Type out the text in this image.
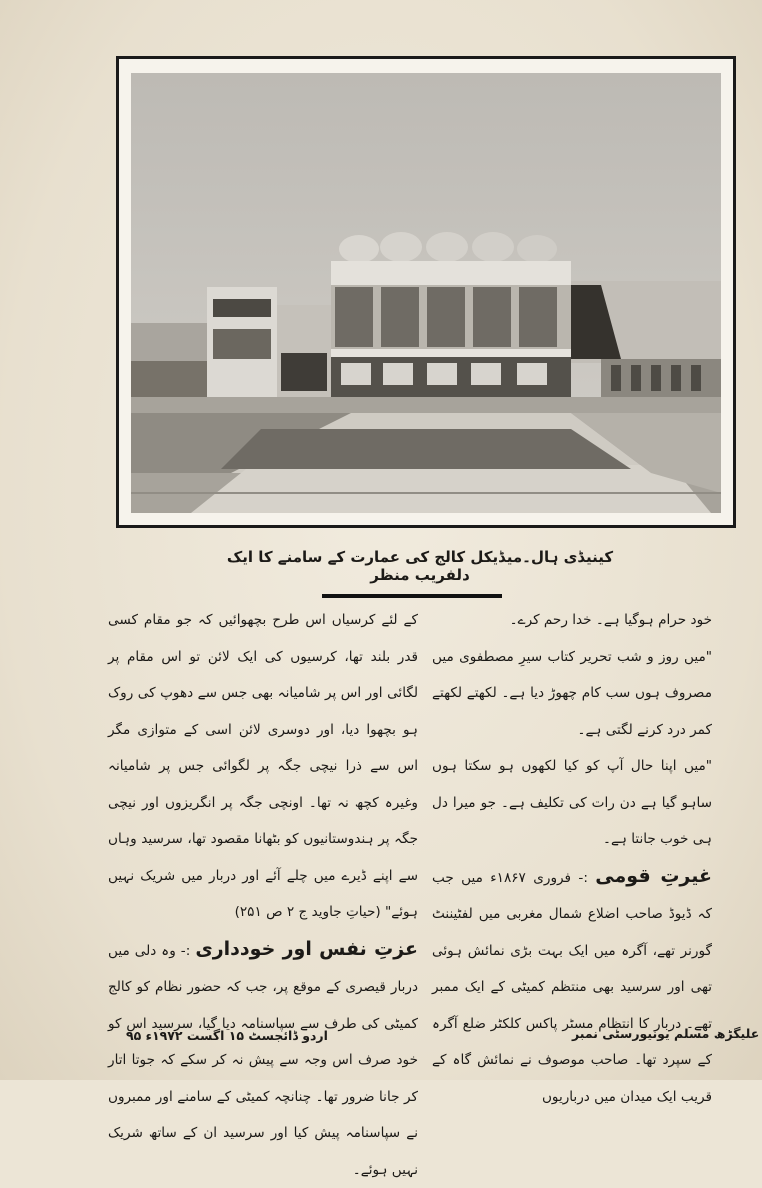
کینیڈی ہال۔میڈیکل کالج کی عمارت کے سامنے کا ایک دلفریب منظر

خود حرام ہوگیا ہے۔ خدا رحم کرے۔

"میں روز و شب تحریر کتاب سیرِ مصطفوی میں مصروف ہوں سب کام چھوڑ دیا ہے۔ لکھتے لکھتے کمر درد کرنے لگتی ہے۔

"میں اپنا حال آپ کو کیا لکھوں ہو سکتا ہوں ساہو گیا ہے دن رات کی تکلیف ہے۔ جو میرا دل ہی خوب جانتا ہے۔

غیرتِ قومی :- فروری ۱۸۶۷ء میں جب کہ ڈیوڈ صاحب اضلاع شمال مغربی میں لفٹیننٹ گورنر تھے، آگرہ میں ایک بہت بڑی نمائش ہوئی تھی اور سرسید بھی منتظم کمیٹی کے ایک ممبر تھے۔ دربار کا انتظام مسٹر پاکس کلکٹر ضلع آگرہ کے سپرد تھا۔ صاحب موصوف نے نمائش گاہ کے قریب ایک میدان میں درباریوں

کے لئے کرسیاں اس طرح بچھوائیں کہ جو مقام کسی قدر بلند تھا، کرسیوں کی ایک لائن تو اس مقام پر لگائی اور اس پر شامیانہ بھی جس سے دھوپ کی روک ہو بچھوا دیا، اور دوسری لائن اسی کے متوازی مگر اس سے ذرا نیچی جگہ پر لگوائی جس پر شامیانہ وغیرہ کچھ نہ تھا۔ اونچی جگہ پر انگریزوں اور نیچی جگہ پر ہندوستانیوں کو بٹھانا مقصود تھا، سرسید وہاں سے اپنے ڈیرے میں چلے آئے اور دربار میں شریک نہیں ہوئے" (حیاتِ جاوید ج ۲ ص ۲۵۱)

عزتِ نفس اور خودداری :- وہ دلی میں دربار قیصری کے موقع پر، جب کہ حضور نظام کو کالج کمیٹی کی طرف سے سپاسنامہ دیا گیا، سرسید اس کو خود صرف اس وجہ سے پیش نہ کر سکے کہ جوتا اتار کر جانا ضرور تھا۔ چنانچہ کمیٹی کے سامنے اور ممبروں نے سپاسنامہ پیش کیا اور سرسید ان کے ساتھ شریک نہیں ہوئے۔

اردو ڈائجسٹ ۱۵ اگست ۱۹۷۲ء ۹۵	علیگڑھ مسلم یونیورسٹی نمبر
